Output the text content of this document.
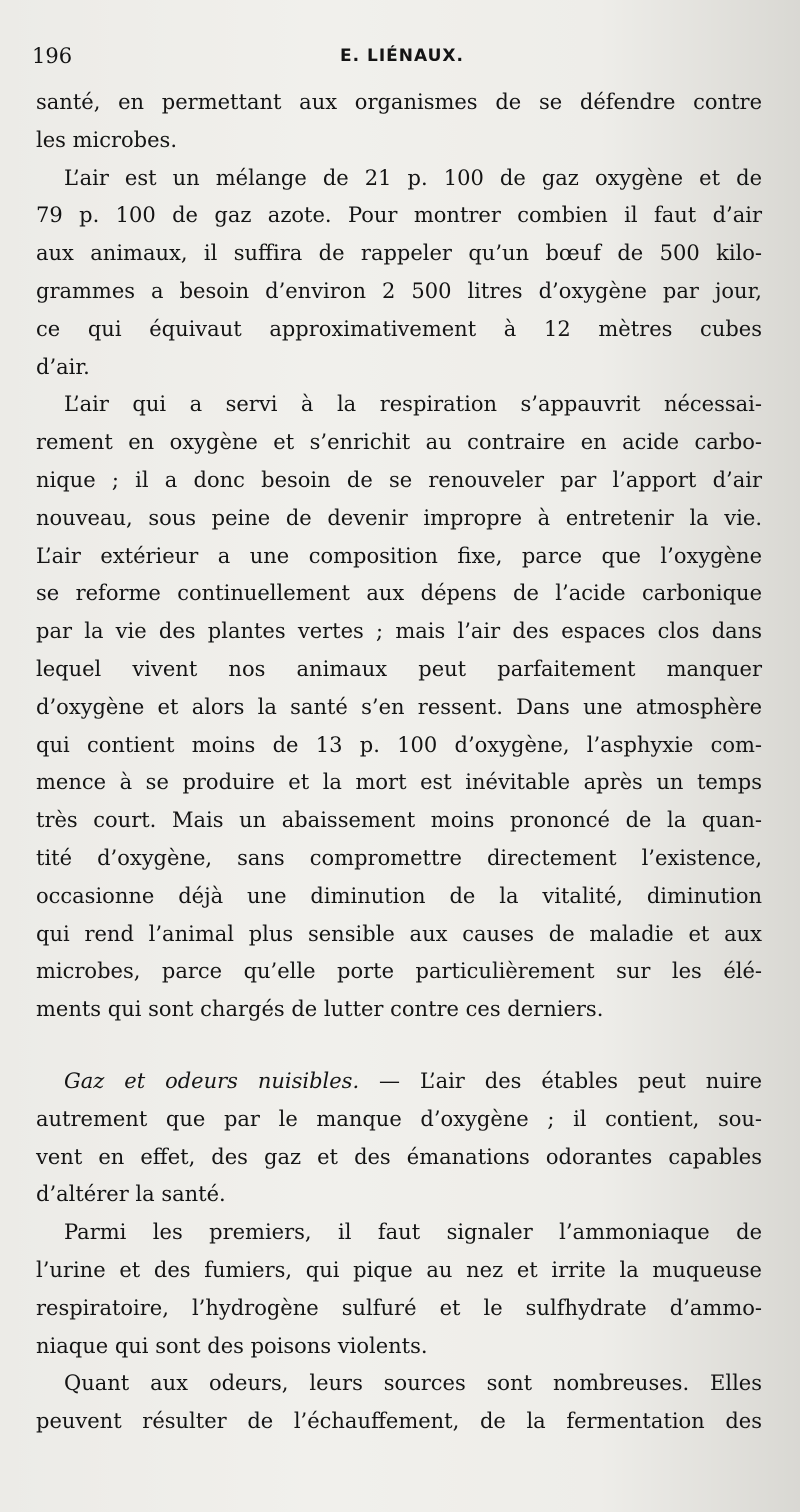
196	E. LIÉNAUX.
santé, en permettant aux organismes de se défendre contre
les microbes.
L’air est un mélange de 21 p. 100 de gaz oxygène et de
79 p. 100 de gaz azote. Pour montrer combien il faut d’air
aux animaux, il suffira de rappeler qu’un bœuf de 500 kilo-
grammes a besoin d’environ 2 500 litres d’oxygène par jour,
ce qui équivaut approximativement à 12 mètres cubes
d’air.
L’air qui a servi à la respiration s’appauvrit nécessai-
rement en oxygène et s’enrichit au contraire en acide carbo-
nique ; il a donc besoin de se renouveler par l’apport d’air
nouveau, sous peine de devenir impropre à entretenir la vie.
L’air extérieur a une composition fixe, parce que l’oxygène
se reforme continuellement aux dépens de l’acide carbonique
par la vie des plantes vertes ; mais l’air des espaces clos dans
lequel vivent nos animaux peut parfaitement manquer
d’oxygène et alors la santé s’en ressent. Dans une atmosphère
qui contient moins de 13 p. 100 d’oxygène, l’asphyxie com-
mence à se produire et la mort est inévitable après un temps
très court. Mais un abaissement moins prononcé de la quan-
tité d’oxygène, sans compromettre directement l’existence,
occasionne déjà une diminution de la vitalité, diminution
qui rend l’animal plus sensible aux causes de maladie et aux
microbes, parce qu’elle porte particulièrement sur les élé-
ments qui sont chargés de lutter contre ces derniers.
Gaz et odeurs nuisibles. — L’air des étables peut nuire
autrement que par le manque d’oxygène ; il contient, sou-
vent en effet, des gaz et des émanations odorantes capables
d’altérer la santé.
Parmi les premiers, il faut signaler l’ammoniaque de
l’urine et des fumiers, qui pique au nez et irrite la muqueuse
respiratoire, l’hydrogène sulfuré et le sulfhydrate d’ammo-
niaque qui sont des poisons violents.
Quant aux odeurs, leurs sources sont nombreuses. Elles
peuvent résulter de l’échauffement, de la fermentation des
